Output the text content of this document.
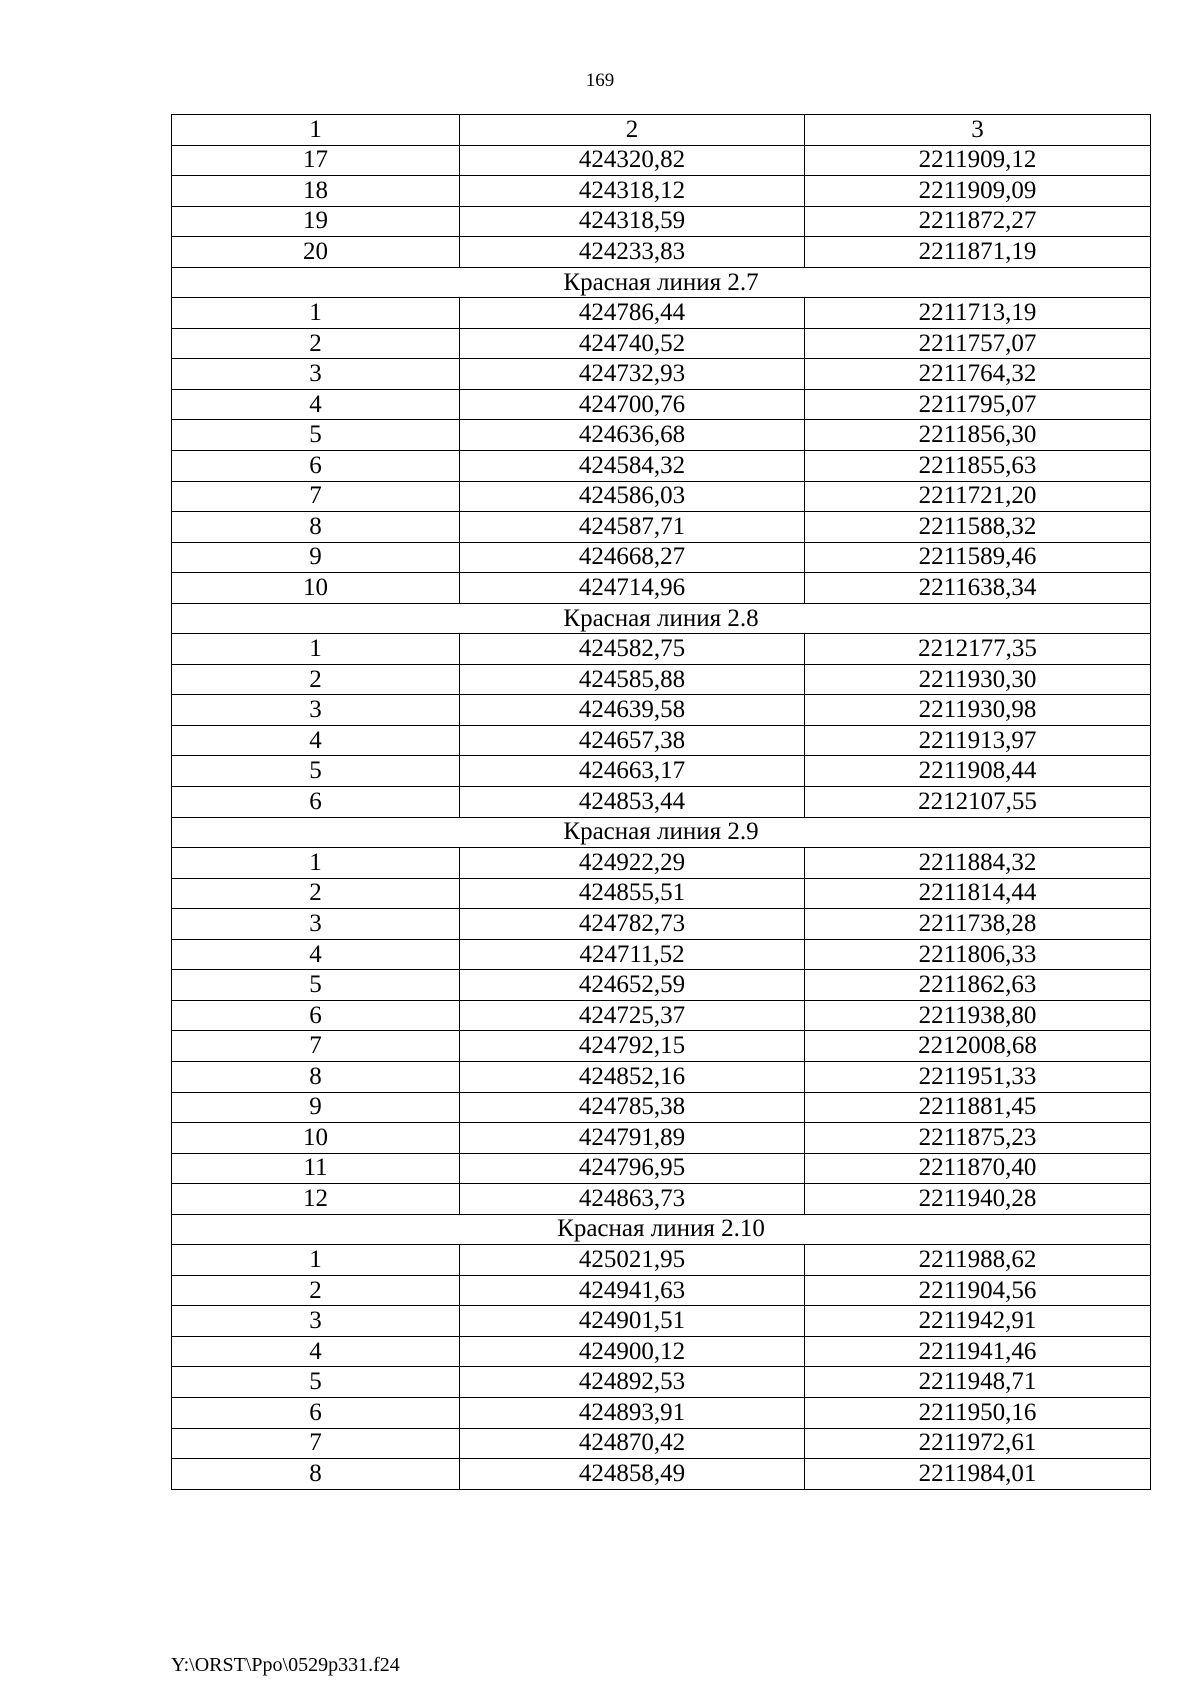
169
1	2	3
17	424320,82	2211909,12
18	424318,12	2211909,09
19	424318,59	2211872,27
20	424233,83	2211871,19
Красная линия 2.7		
1	424786,44	2211713,19
2	424740,52	2211757,07
3	424732,93	2211764,32
4	424700,76	2211795,07
5	424636,68	2211856,30
6	424584,32	2211855,63
7	424586,03	2211721,20
8	424587,71	2211588,32
9	424668,27	2211589,46
10	424714,96	2211638,34
Красная линия 2.8		
1	424582,75	2212177,35
2	424585,88	2211930,30
3	424639,58	2211930,98
4	424657,38	2211913,97
5	424663,17	2211908,44
6	424853,44	2212107,55
Красная линия 2.9		
1	424922,29	2211884,32
2	424855,51	2211814,44
3	424782,73	2211738,28
4	424711,52	2211806,33
5	424652,59	2211862,63
6	424725,37	2211938,80
7	424792,15	2212008,68
8	424852,16	2211951,33
9	424785,38	2211881,45
10	424791,89	2211875,23
11	424796,95	2211870,40
12	424863,73	2211940,28
Красная линия 2.10		
1	425021,95	2211988,62
2	424941,63	2211904,56
3	424901,51	2211942,91
4	424900,12	2211941,46
5	424892,53	2211948,71
6	424893,91	2211950,16
7	424870,42	2211972,61
8	424858,49	2211984,01
Y:\ORST\Ppo\0529p331.f24
